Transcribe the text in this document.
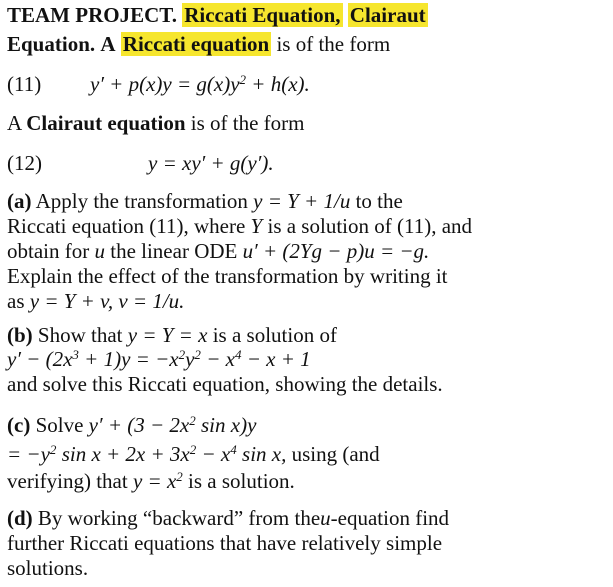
TEAM PROJECT. Riccati Equation, Clairaut
Equation. A Riccati equation is of the form
(11) $y' + p(x)y = g(x)y^2 + h(x)$.
A Clairaut equation is of the form
(12)	y = xy′ + g(y′).
(a) Apply the transformation y = Y + 1/u to the
Riccati equation (11), where Y is a solution of (11), and
obtain for u the linear ODE u′ + (2Yg − p)u = −g.
Explain the effect of the transformation by writing it
as y = Y + v, v = 1/u.
(b) Show that y = Y = x is a solution of
$y' - (2x^3 + 1)y = -x^2y^2 - x^4 - x + 1$
and solve this Riccati equation, showing the details.
(c) Solve $y' + (3 - 2x^2$ sin x)y
= $-y^2$ $\sin x + 2x + 3x^2 - x^4$ sin x, using (and
verifying) that $y = x^2$ is a solution.
(d) By working “backward” from theu-equation find
further Riccati equations that have relatively simple
solutions.
